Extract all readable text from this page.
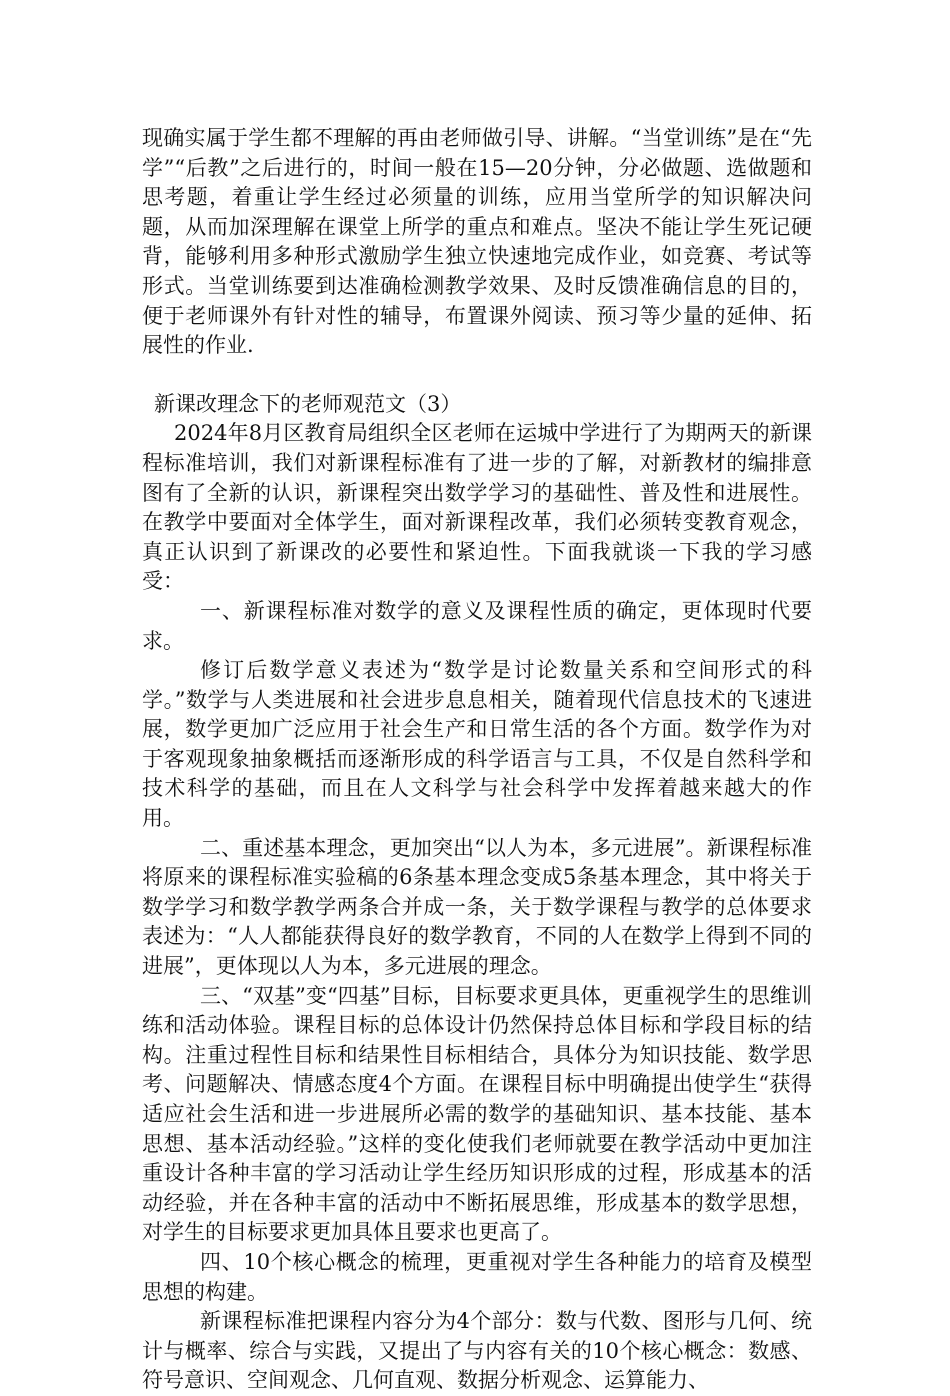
现确实属于学生都不理解的再由老师做引导、讲解。“当堂训练”是在“先学”“后教”之后进行的，时间一般在15—20分钟，分必做题、选做题和思考题，着重让学生经过必须量的训练，应用当堂所学的知识解决问题，从而加深理解在课堂上所学的重点和难点。坚决不能让学生死记硬背，能够利用多种形式激励学生独立快速地完成作业，如竞赛、考试等形式。当堂训练要到达准确检测教学效果、及时反馈准确信息的目的，便于老师课外有针对性的辅导，布置课外阅读、预习等少量的延伸、拓展性的作业.

新课改理念下的老师观范文（3）

2024年8月区教育局组织全区老师在运城中学进行了为期两天的新课程标准培训，我们对新课程标准有了进一步的了解，对新教材的编排意图有了全新的认识，新课程突出数学学习的基础性、普及性和进展性。在教学中要面对全体学生，面对新课程改革，我们必须转变教育观念，真正认识到了新课改的必要性和紧迫性。下面我就谈一下我的学习感受：

一、新课程标准对数学的意义及课程性质的确定，更体现时代要求。

修订后数学意义表述为“数学是讨论数量关系和空间形式的科学。”数学与人类进展和社会进步息息相关，随着现代信息技术的飞速进展，数学更加广泛应用于社会生产和日常生活的各个方面。数学作为对于客观现象抽象概括而逐渐形成的科学语言与工具，不仅是自然科学和技术科学的基础，而且在人文科学与社会科学中发挥着越来越大的作用。

二、重述基本理念，更加突出“以人为本，多元进展”。新课程标准将原来的课程标准实验稿的6条基本理念变成5条基本理念，其中将关于数学学习和数学教学两条合并成一条，关于数学课程与教学的总体要求表述为：“人人都能获得良好的数学教育，不同的人在数学上得到不同的进展”，更体现以人为本，多元进展的理念。

三、“双基”变“四基”目标，目标要求更具体，更重视学生的思维训练和活动体验。课程目标的总体设计仍然保持总体目标和学段目标的结构。注重过程性目标和结果性目标相结合，具体分为知识技能、数学思考、问题解决、情感态度4个方面。在课程目标中明确提出使学生“获得适应社会生活和进一步进展所必需的数学的基础知识、基本技能、基本思想、基本活动经验。”这样的变化使我们老师就要在教学活动中更加注重设计各种丰富的学习活动让学生经历知识形成的过程，形成基本的活动经验，并在各种丰富的活动中不断拓展思维，形成基本的数学思想，对学生的目标要求更加具体且要求也更高了。

四、10个核心概念的梳理，更重视对学生各种能力的培育及模型思想的构建。

新课程标准把课程内容分为4个部分：数与代数、图形与几何、统计与概率、综合与实践，又提出了与内容有关的10个核心概念：数感、符号意识、空间观念、几何直观、数据分析观念、运算能力、
